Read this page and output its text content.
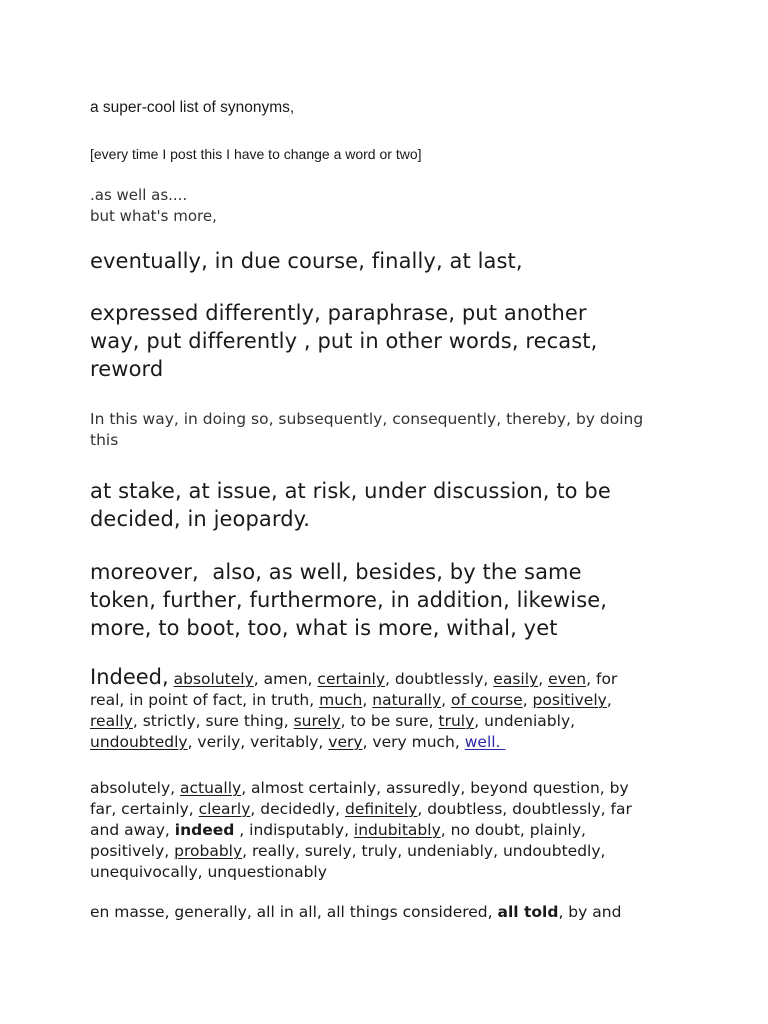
a super-cool list of synonyms,

[every time I post this I have to change a word or two]

.as well as....
but what's more,

eventually, in due course, finally, at last,

expressed differently, paraphrase, put another
way, put differently , put in other words, recast,
reword
In this way, in doing so, subsequently, consequently, thereby, by doing
this
at stake, at issue, at risk, under discussion, to be
decided, in jeopardy.
moreover,  also, as well, besides, by the same
token, further, furthermore, in addition, likewise,
more, to boot, too, what is more, withal, yet
Indeed, absolutely, amen, certainly, doubtlessly, easily, even, for
real, in point of fact, in truth, much, naturally, of course, positively,
really, strictly, sure thing, surely, to be sure, truly, undeniably,
undoubtedly, verily, veritably, very, very much, well.
absolutely, actually, almost certainly, assuredly, beyond question, by
far, certainly, clearly, decidedly, definitely, doubtless, doubtlessly, far
and away, indeed , indisputably, indubitably, no doubt, plainly,
positively, probably, really, surely, truly, undeniably, undoubtedly,
unequivocally, unquestionably
en masse, generally, all in all, all things considered, all told, by and
